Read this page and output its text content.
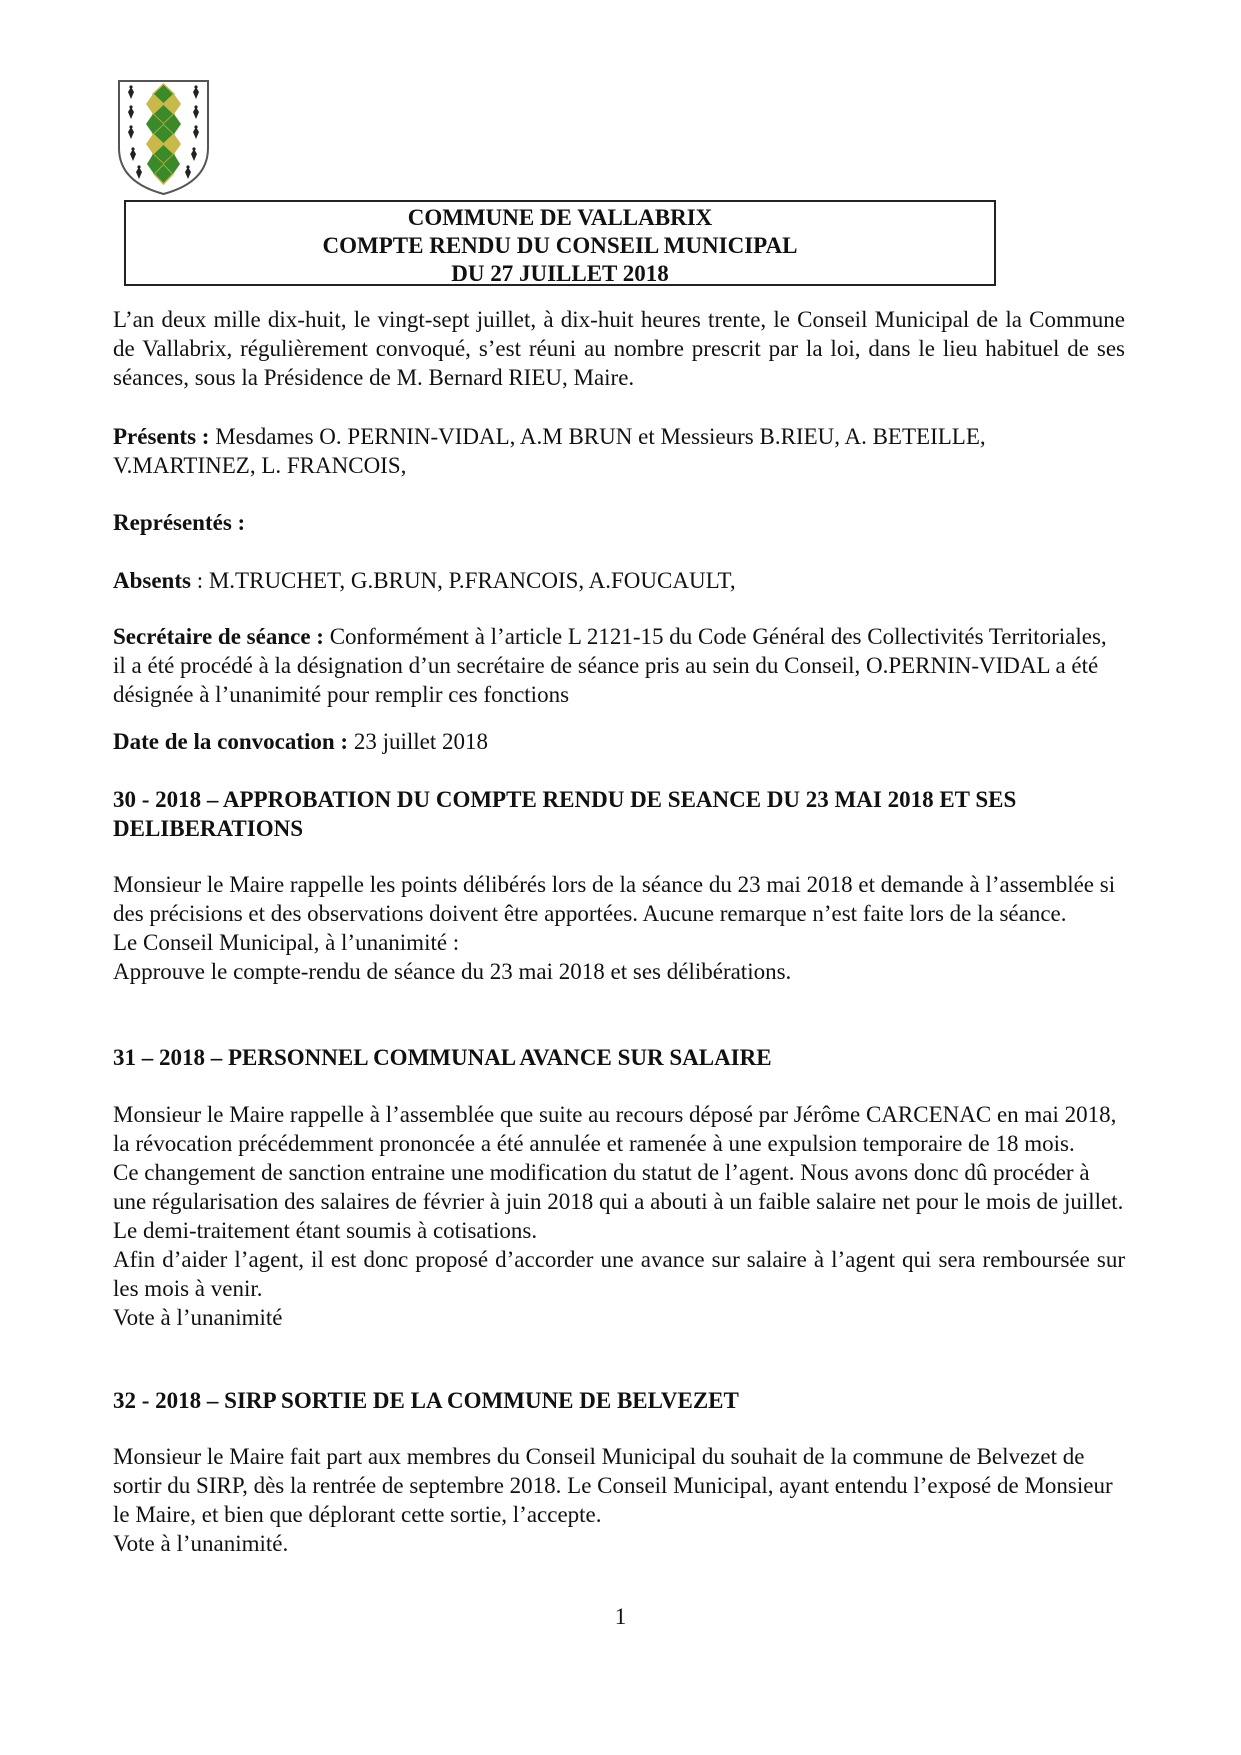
COMMUNE DE VALLABRIX
COMPTE RENDU DU CONSEIL MUNICIPAL
DU 27 JUILLET 2018

L’an deux mille dix-huit, le vingt-sept juillet, à dix-huit heures trente, le Conseil Municipal de la Commune de Vallabrix, régulièrement convoqué, s’est réuni au nombre prescrit par la loi, dans le lieu habituel de ses séances, sous la Présidence de M. Bernard RIEU, Maire.

Présents : Mesdames O. PERNIN-VIDAL, A.M BRUN et Messieurs B.RIEU, A. BETEILLE, V.MARTINEZ, L. FRANCOIS,

Représentés :

Absents : M.TRUCHET, G.BRUN, P.FRANCOIS, A.FOUCAULT,

Secrétaire de séance : Conformément à l’article L 2121-15 du Code Général des Collectivités Territoriales, il a été procédé à la désignation d’un secrétaire de séance pris au sein du Conseil, O.PERNIN-VIDAL a été désignée à l’unanimité pour remplir ces fonctions

Date de la convocation : 23 juillet 2018

30 - 2018 – APPROBATION DU COMPTE RENDU DE SEANCE DU 23 MAI 2018 ET SES DELIBERATIONS

Monsieur le Maire rappelle les points délibérés lors de la séance du 23 mai 2018 et demande à l’assemblée si des précisions et des observations doivent être apportées. Aucune remarque n’est faite lors de la séance.

Le Conseil Municipal, à l’unanimité :

Approuve le compte-rendu de séance du 23 mai 2018 et ses délibérations.

31 – 2018 – PERSONNEL COMMUNAL AVANCE SUR SALAIRE

Monsieur le Maire rappelle à l’assemblée que suite au recours déposé par Jérôme CARCENAC en mai 2018, la révocation précédemment prononcée a été annulée et ramenée à une expulsion temporaire de 18 mois.

Ce changement de sanction entraine une modification du statut de l’agent. Nous avons donc dû procéder à une régularisation des salaires de février à juin 2018 qui a abouti à un faible salaire net pour le mois de juillet. Le demi-traitement étant soumis à cotisations.

Afin d’aider l’agent, il est donc proposé d’accorder une avance sur salaire à l’agent qui sera remboursée sur les mois à venir.

Vote à l’unanimité

32 - 2018 – SIRP SORTIE DE LA COMMUNE DE BELVEZET

Monsieur le Maire fait part aux membres du Conseil Municipal du souhait de la commune de Belvezet de sortir du SIRP, dès la rentrée de septembre 2018. Le Conseil Municipal, ayant entendu l’exposé de Monsieur le Maire, et bien que déplorant cette sortie, l’accepte.

Vote à l’unanimité.

1
